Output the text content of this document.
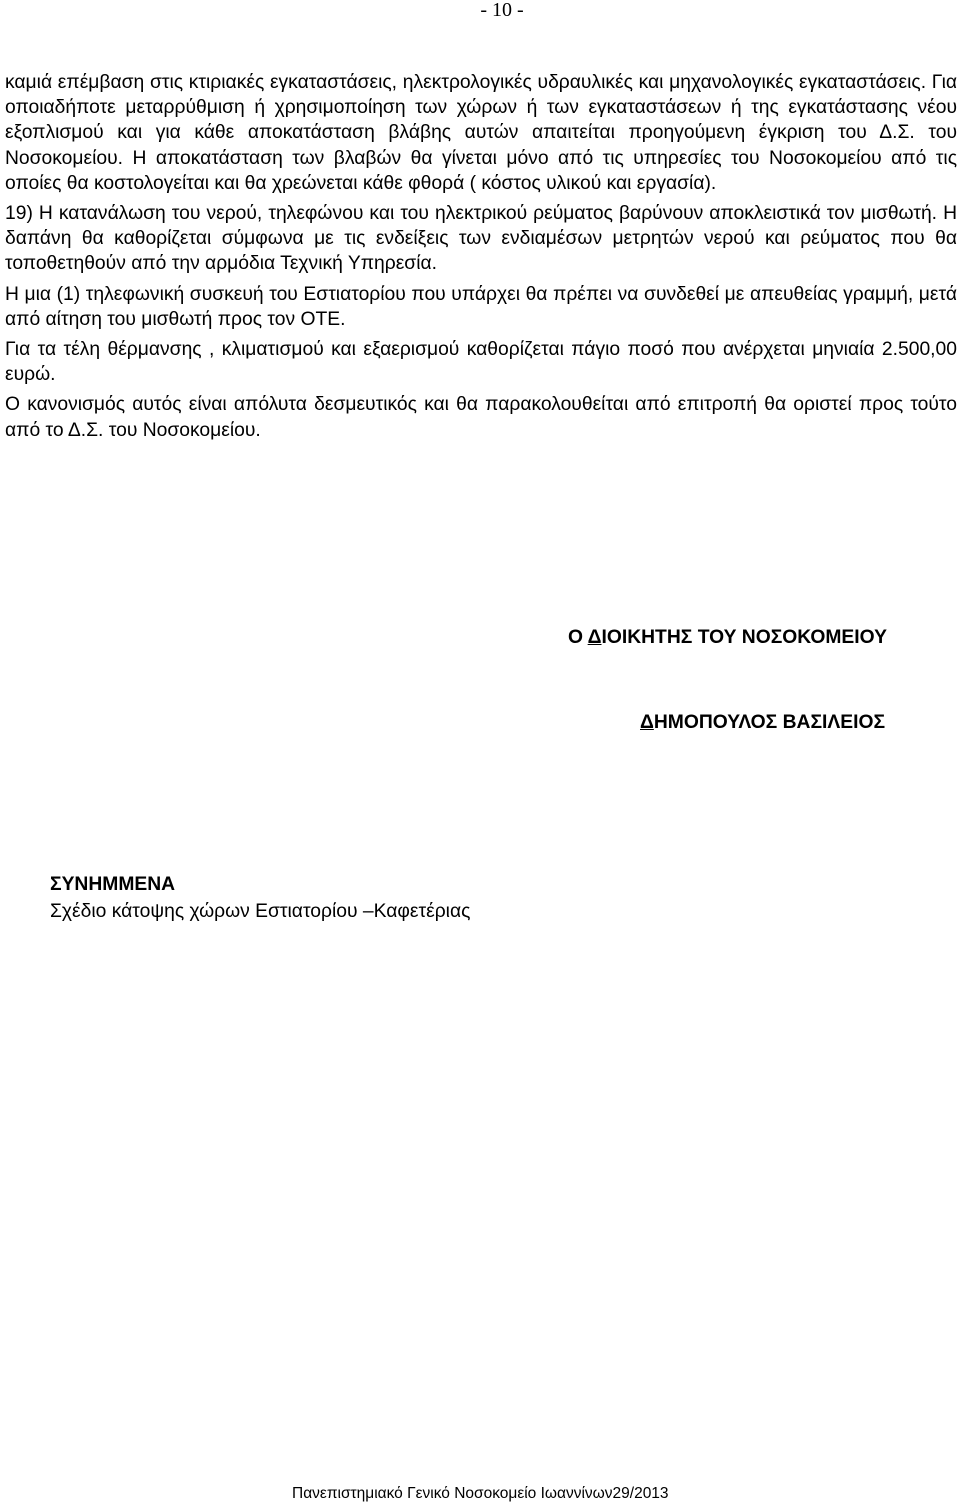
- 10 -

καμιά επέμβαση στις κτιριακές εγκαταστάσεις, ηλεκτρολογικές υδραυλικές και μηχανολογικές εγκαταστάσεις. Για οποιαδήποτε μεταρρύθμιση ή χρησιμοποίηση των χώρων ή των εγκαταστάσεων ή της εγκατάστασης νέου εξοπλισμού και για κάθε αποκατάσταση βλάβης αυτών απαιτείται προηγούμενη έγκριση του Δ.Σ. του Νοσοκομείου. Η αποκατάσταση των βλαβών θα γίνεται μόνο από τις υπηρεσίες του Νοσοκομείου από τις οποίες θα κοστολογείται και θα χρεώνεται κάθε φθορά ( κόστος υλικού και εργασία).

19) Η κατανάλωση του νερού, τηλεφώνου και του ηλεκτρικού ρεύματος βαρύνουν αποκλειστικά τον μισθωτή. Η δαπάνη θα καθορίζεται σύμφωνα με τις ενδείξεις των ενδιαμέσων μετρητών νερού και ρεύματος που θα τοποθετηθούν από την αρμόδια Τεχνική Υπηρεσία.

Η μια (1) τηλεφωνική συσκευή του Εστιατορίου που υπάρχει θα πρέπει να συνδεθεί με απευθείας γραμμή, μετά από αίτηση του μισθωτή προς τον ΟΤΕ.

Για τα τέλη θέρμανσης , κλιματισμού και εξαερισμού καθορίζεται πάγιο ποσό που ανέρχεται μηνιαία 2.500,00 ευρώ.

Ο κανονισμός αυτός είναι απόλυτα δεσμευτικός και θα παρακολουθείται από επιτροπή θα οριστεί προς τούτο από το Δ.Σ. του Νοσοκομείου.

Ο ΔΙΟΙΚΗΤΗΣ ΤΟΥ ΝΟΣΟΚΟΜΕΙΟΥ
ΔΗΜΟΠΟΥΛΟΣ ΒΑΣΙΛΕΙΟΣ
ΣΥΝΗΜΜΕΝΑ
Σχέδιο κάτοψης χώρων Εστιατορίου –Καφετέριας
Πανεπιστημιακό Γενικό Νοσοκομείο Ιωαννίνων29/2013
